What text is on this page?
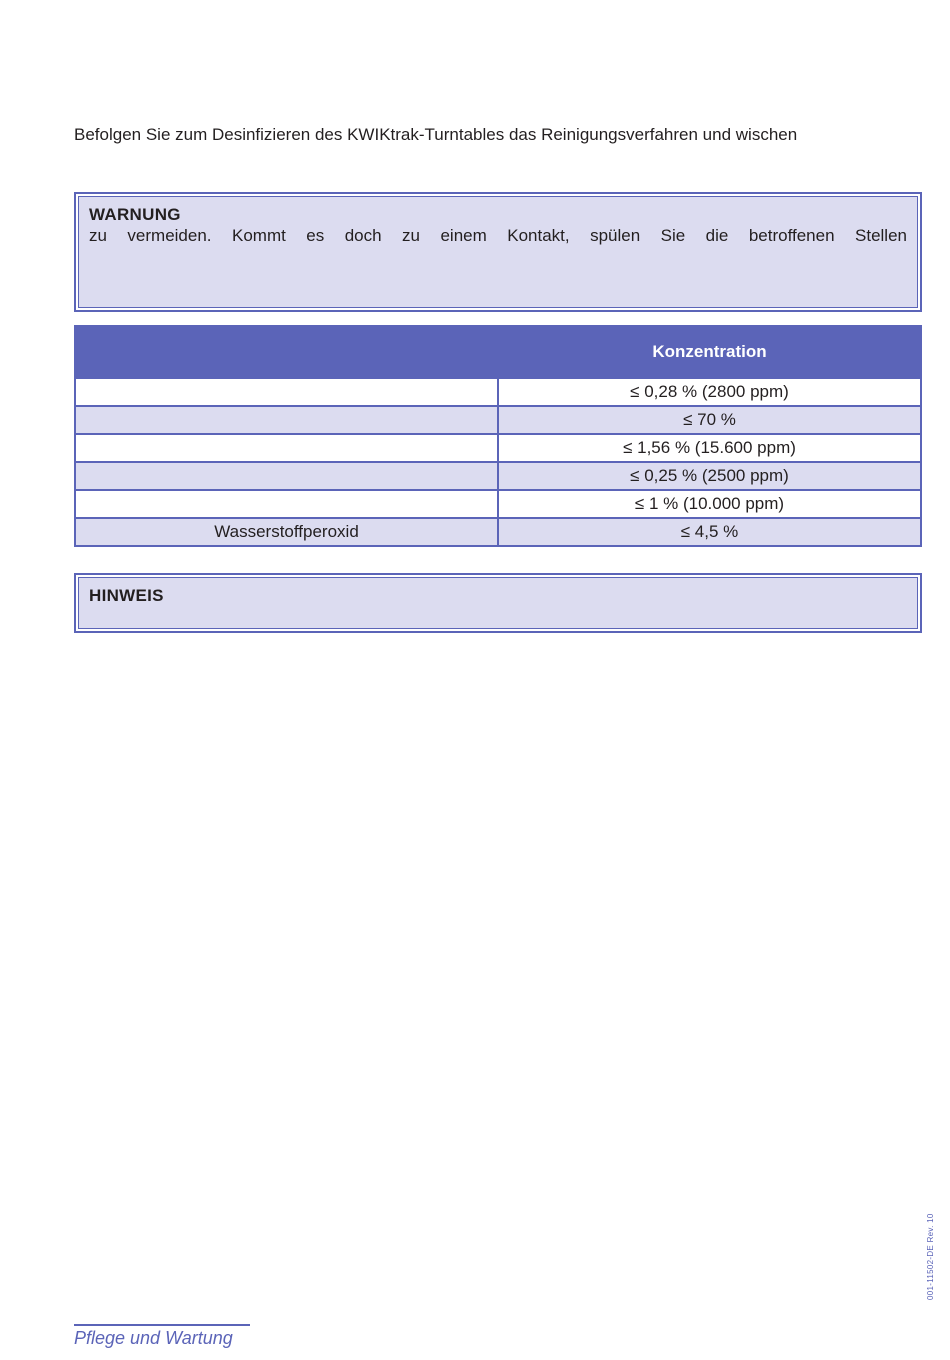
Befolgen Sie zum Desinfizieren des KWIKtrak-Turntables das Reinigungsverfahren und wischen
WARNUNG
zu vermeiden. Kommt es doch zu einem Kontakt, spülen Sie die betroffenen Stellen
	Konzentration
	≤ 0,28 % (2800 ppm)
	≤ 70 %
	≤ 1,56 % (15.600 ppm)
	≤ 0,25 % (2500 ppm)
	≤ 1 % (10.000 ppm)
Wasserstoffperoxid	≤ 4,5 %
HINWEIS
001-11502-DE Rev. 10
Pflege und Wartung
